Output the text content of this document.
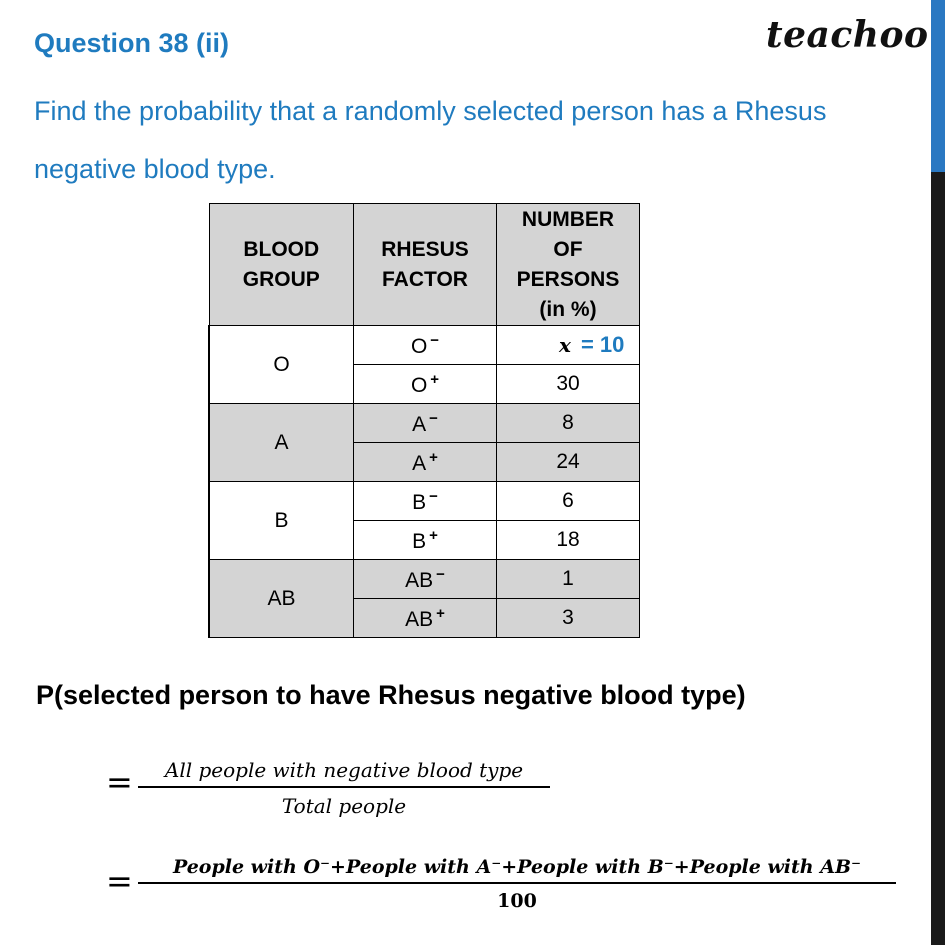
Question 38 (ii)	teachoo
Find the probability that a randomly selected person has a Rhesus negative blood type.
BLOOD GROUP	RHESUS FACTOR	NUMBER OF PERSONS (in %)
O	O −	x = 10
	O +	30
A	A −	8
	A +	24
B	B −	6
	B +	18
AB	AB −	1
	AB +	3
P(selected person to have Rhesus negative blood type)
=	All people with negative blood type
Total people
=	People with O⁻+People with A⁻+People with B⁻+People with AB⁻
100
